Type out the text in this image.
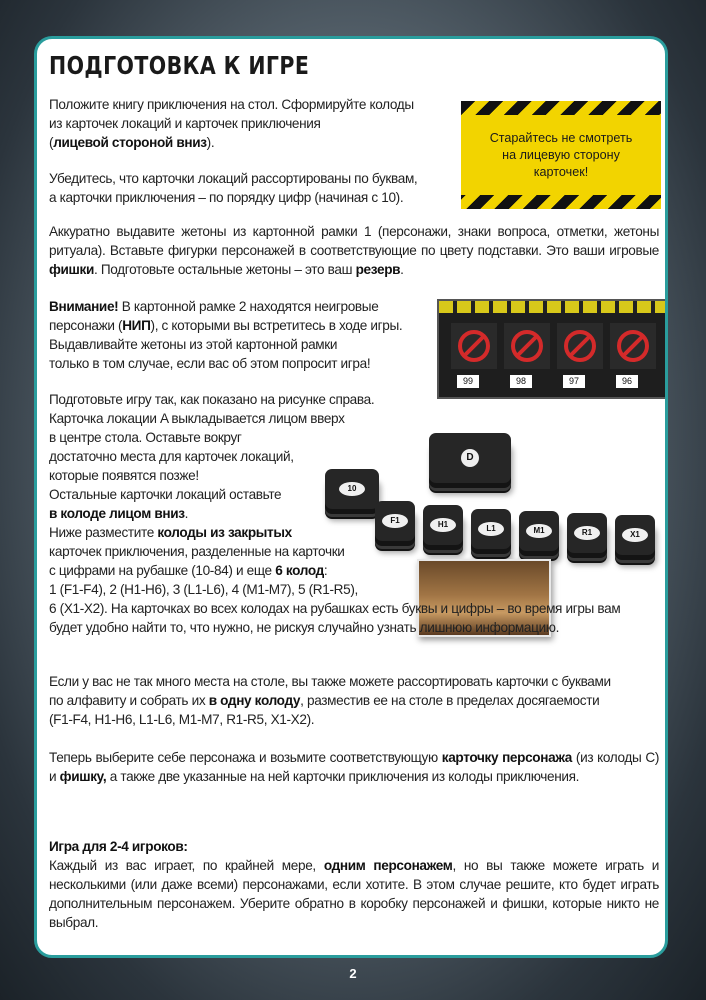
ПОДГОТОВКА К ИГРЕ

Положите книгу приключения на стол. Сформируйте колоды
из карточек локаций и карточек приключения
(лицевой стороной вниз).

Убедитесь, что карточки локаций рассортированы по буквам,
а карточки приключения – по порядку цифр (начиная с 10).

Старайтесь не смотреть
на лицевую сторону
карточек!

Аккуратно выдавите жетоны из картонной рамки 1 (персонажи, знаки вопроса, отметки, жетоны ритуала). Вставьте фигурки персонажей в соответствующие по цвету подставки. Это ваши игровые фишки. Подготовьте остальные жетоны – это ваш резерв.

Внимание! В картонной рамке 2 находятся неигровые
персонажи (НИП), с которыми вы встретитесь в ходе игры.
Выдавливайте жетоны из этой картонной рамки
только в том случае, если вас об этом попросит игра!

99	98	97	96
D
10
F1	H1	L1	M1	R1	X1

Подготовьте игру так, как показано на рисунке справа.
Карточка локации A выкладывается лицом вверх
в центре стола. Оставьте вокруг
достаточно места для карточек локаций,
которые появятся позже!
Остальные карточки локаций оставьте
в колоде лицом вниз.
Ниже разместите колоды из закрытых
карточек приключения, разделенные на карточки
с цифрами на рубашке (10-84) и еще 6 колод:
1 (F1-F4), 2 (H1-H6), 3 (L1-L6), 4 (M1-M7), 5 (R1-R5),
6 (X1-X2). На карточках во всех колодах на рубашках есть буквы и цифры – во время игры вам
будет удобно найти то, что нужно, не рискуя случайно узнать лишнюю информацию.

Если у вас не так много места на столе, вы также можете рассортировать карточки с буквами
по алфавиту и собрать их в одну колоду, разместив ее на столе в пределах досягаемости
(F1-F4, H1-H6, L1-L6, M1-M7, R1-R5, X1-X2).

Теперь выберите себе персонажа и возьмите соответствующую карточку персонажа (из колоды С) и фишку, а также две указанные на ней карточки приключения из колоды приключения.

Игра для 2-4 игроков:

Каждый из вас играет, по крайней мере, одним персонажем, но вы также можете играть и несколькими (или даже всеми) персонажами, если хотите. В этом случае решите, кто будет играть дополнительным персонажем. Уберите обратно в коробку персонажей и фишки, которые никто не выбрал.

2
